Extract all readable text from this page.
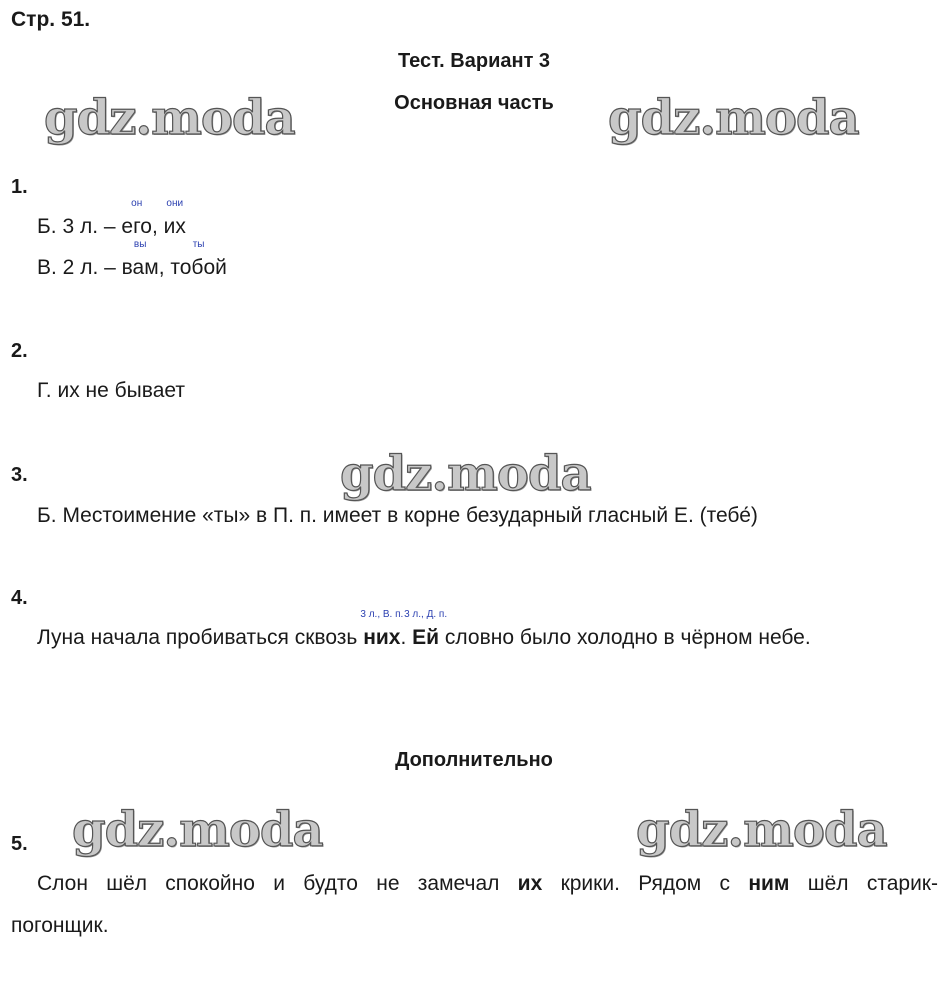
Стр. 51.
Тест. Вариант 3
Основная часть
gdz.moda	gdz.moda
gdz.moda
gdz.moda	gdz.moda
1.
Б. 3 л. –
он
его,
они
их
В. 2 л. –
вы
вам,
ты
тобой
2.
Г. их не бывает
3.
Б. Местоимение «ты» в П. п. имеет в корне безударный гласный Е. (тебе́)
4.
Луна начала пробиваться сквозь
3 л., В. п.
них.
3 л., Д. п.
Ей словно было холодно в чёрном небе.
Дополнительно
5.
Слон шёл спокойно и будто не замечал их крики. Рядом с ним шёл старик-
погонщик.
